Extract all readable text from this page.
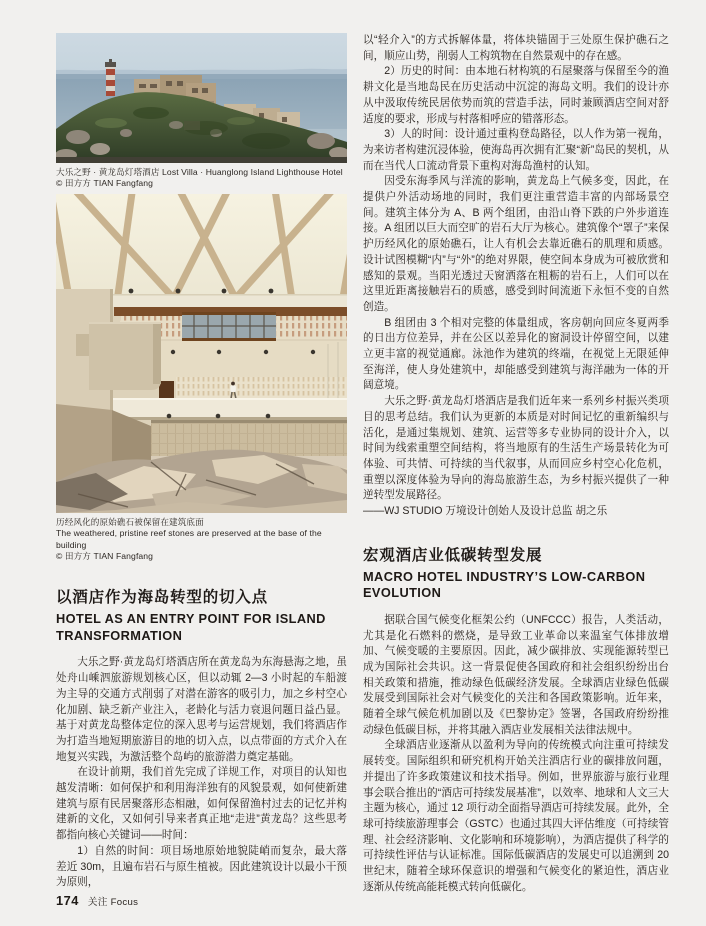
大乐之野 · 黄龙岛灯塔酒店 Lost Villa · Huanglong Island Lighthouse Hotel
© 田方方 TIAN Fangfang
历经风化的原始礁石被保留在建筑底面
The weathered, pristine reef stones are preserved at the base of the building
© 田方方 TIAN Fangfang
以酒店作为海岛转型的切入点
HOTEL AS AN ENTRY POINT FOR ISLAND TRANSFORMATION

大乐之野·黄龙岛灯塔酒店所在黄龙岛为东海悬海之地，虽处舟山嵊泗旅游规划核心区，但以动辄 2—3 小时起的车船渡为主导的交通方式削弱了对潜在游客的吸引力，加之乡村空心化加剧、缺乏新产业注入，老龄化与活力衰退问题日益凸显。基于对黄龙岛整体定位的深入思考与运营规划，我们将酒店作为打造当地短期旅游目的地的切入点，以点带面的方式介入在地复兴实践，为激活整个岛屿的旅游潜力奠定基础。

在设计前期，我们首先完成了详规工作，对项目的认知也越发清晰：如何保护和利用海洋独有的风貌景观，如何使新建建筑与原有民居聚落形态相融，如何保留渔村过去的记忆并构建新的文化，又如何引导来者真正地“走进”黄龙岛？这些思考都指向核心关键词——时间：

1）自然的时间：项目场地原始地貌陡峭而复杂，最大落差近 30m，且遍布岩石与原生植被。因此建筑设计以最小干预为原则，

以“轻介入”的方式拆解体量，将体块锚固于三处原生保护礁石之间，顺应山势，削弱人工构筑物在自然景观中的存在感。

2）历史的时间：由本地石材构筑的石屋聚落与保留至今的渔耕文化是当地岛民在历史活动中沉淀的海岛文明。我们的设计亦从中汲取传统民居依势而筑的营造手法，同时兼顾酒店空间对舒适度的要求，形成与村落相呼应的错落形态。

3）人的时间：设计通过重构登岛路径，以人作为第一视角，为来访者构建沉浸体验，使海岛再次拥有汇聚“新”岛民的契机，从而在当代人口流动背景下重构对海岛渔村的认知。

因受东海季风与洋流的影响，黄龙岛上气候多变，因此，在提供户外活动场地的同时，我们更注重营造丰富的内部场景空间。建筑主体分为 A、B 两个组团，由沿山脊下跌的户外步道连接。A 组团以巨大而空旷的岩石大厅为核心。建筑像个“罩子”来保护历经风化的原始礁石，让人有机会去靠近礁石的肌理和质感。设计试图模糊“内”与“外”的绝对界限，使空间本身成为可被欣赏和感知的景观。当阳光透过天窗洒落在粗粝的岩石上，人们可以在这里近距离接触岩石的质感，感受到时间流逝下永恒不变的自然创造。

B 组团由 3 个相对完整的体量组成，客房朝向回应冬夏两季的日出方位差异，并在公区以差异化的窗洞设计停留空间，以建立更丰富的视觉通廊。泳池作为建筑的终端，在视觉上无限延伸至海洋，使人身处建筑中，却能感受到建筑与海洋融为一体的开阔意境。

大乐之野·黄龙岛灯塔酒店是我们近年来一系列乡村振兴类项目的思考总结。我们认为更新的本质是对时间记忆的重新编织与活化，是通过集规划、建筑、运营等多专业协同的设计介入，以时间为线索重塑空间结构，将当地原有的生活生产场景转化为可体验、可共情、可持续的当代叙事，从而回应乡村空心化危机，重塑以深度体验为导向的海岛旅游生态，为乡村振兴提供了一种逆转型发展路径。

——WJ STUDIO 万境设计创始人及设计总监 胡之乐

宏观酒店业低碳转型发展
MACRO HOTEL INDUSTRY’S LOW-CARBON EVOLUTION

据联合国气候变化框架公约（UNFCCC）报告，人类活动，尤其是化石燃料的燃烧，是导致工业革命以来温室气体排放增加、气候变暖的主要原因。因此，减少碳排放、实现能源转型已成为国际社会共识。这一背景促使各国政府和社会组织纷纷出台相关政策和措施，推动绿色低碳经济发展。全球酒店业绿色低碳发展受到国际社会对气候变化的关注和各国政策影响。近年来，随着全球气候危机加剧以及《巴黎协定》签署，各国政府纷纷推动绿色低碳目标，并将其融入酒店业发展相关法律法规中。

全球酒店业逐渐从以盈利为导向的传统模式向注重可持续发展转变。国际组织和研究机构开始关注酒店行业的碳排放问题，并提出了许多政策建议和技术指导。例如，世界旅游与旅行业理事会联合推出的“酒店可持续发展基准”，以效率、地球和人文三大主题为核心，通过 12 项行动全面指导酒店可持续发展。此外，全球可持续旅游理事会（GSTC）也通过其四大评估维度（可持续管理、社会经济影响、文化影响和环境影响），为酒店提供了科学的可持续性评估与认证标准。国际低碳酒店的发展史可以追溯到 20 世纪末，随着全球环保意识的增强和气候变化的紧迫性，酒店业逐渐从传统高能耗模式转向低碳化。

174 关注 Focus
